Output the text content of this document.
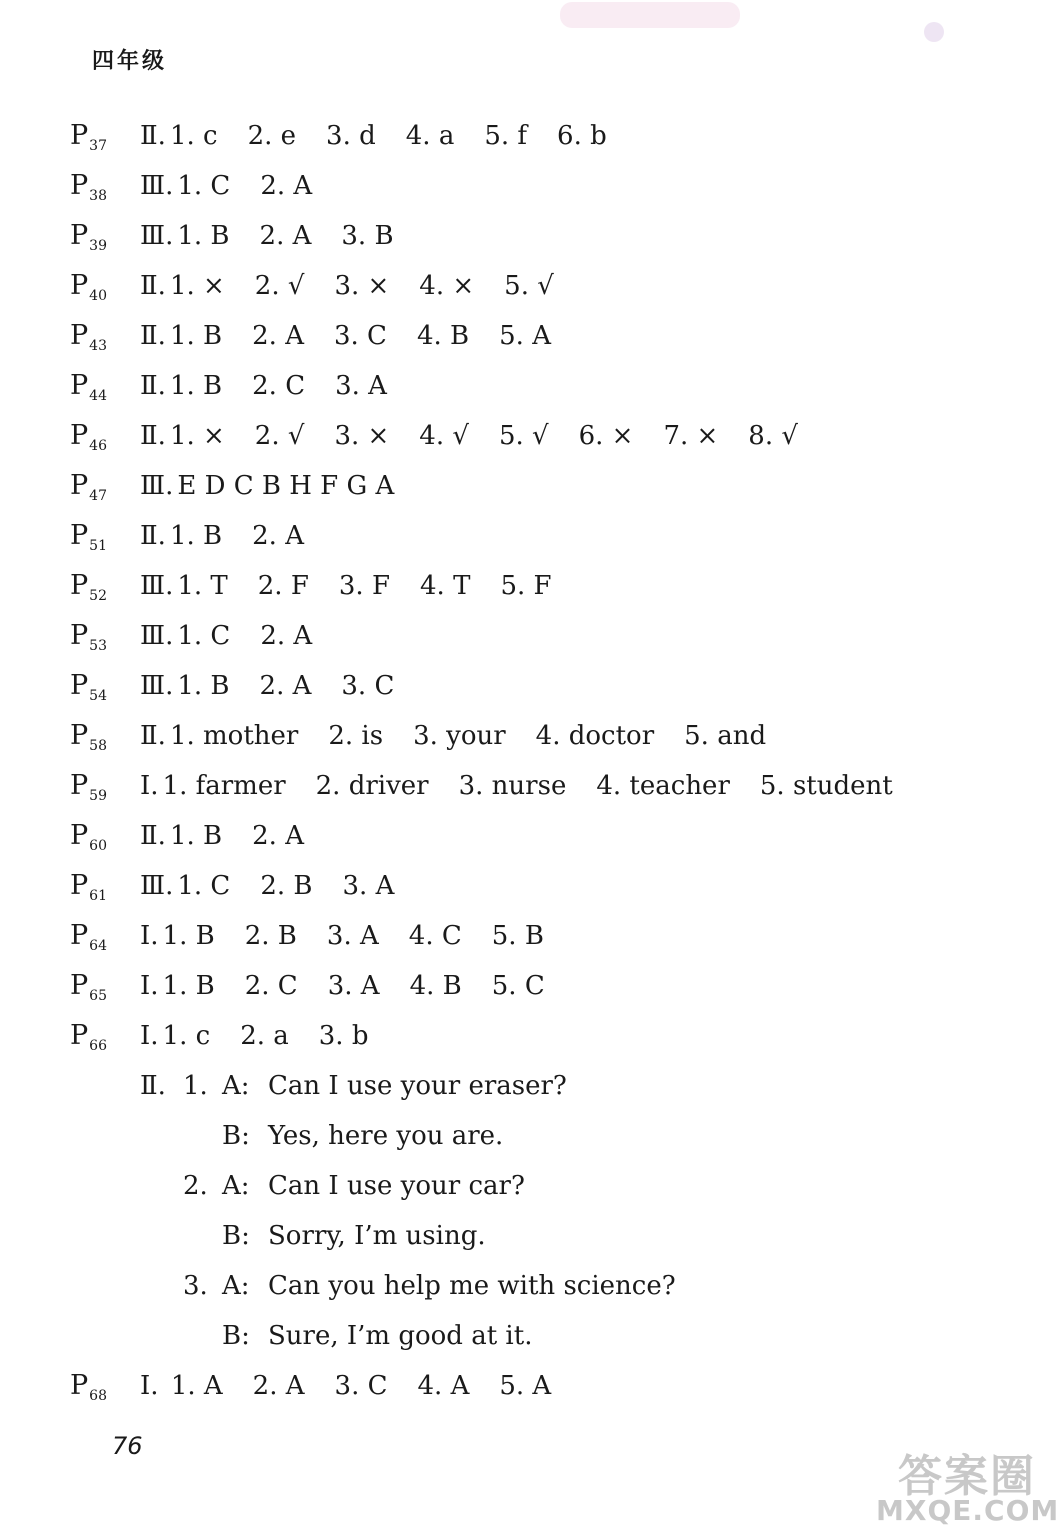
四年级
$P_{37}$	Ⅱ. 1. c 2. e 3. d 4. a 5. f 6. b
$P_{38}$	Ⅲ. 1. C 2. A
$P_{39}$	Ⅲ. 1. B 2. A 3. B
$P_{40}$	Ⅱ. 1. × 2. √ 3. × 4. × 5. √
$P_{43}$	Ⅱ. 1. B 2. A 3. C 4. B 5. A
$P_{44}$	Ⅱ. 1. B 2. C 3. A
$P_{46}$	Ⅱ. 1. × 2. √ 3. × 4. √ 5. √ 6. × 7. × 8. √
$P_{47}$	Ⅲ. E D C B H F G A
$P_{51}$	Ⅱ. 1. B 2. A
$P_{52}$	Ⅲ. 1. T 2. F 3. F 4. T 5. F
$P_{53}$	Ⅲ. 1. C 2. A
$P_{54}$	Ⅲ. 1. B 2. A 3. C
$P_{58}$	Ⅱ. 1. mother 2. is 3. your 4. doctor 5. and
$P_{59}$	Ⅰ. 1. farmer 2. driver 3. nurse 4. teacher 5. student
$P_{60}$	Ⅱ. 1. B 2. A
$P_{61}$	Ⅲ. 1. C 2. B 3. A
$P_{64}$	Ⅰ. 1. B 2. B 3. A 4. C 5. B
$P_{65}$	Ⅰ. 1. B 2. C 3. A 4. B 5. C
$P_{66}$	Ⅰ. 1. c 2. a 3. b
Ⅱ. 1. A: Can I use your eraser?
B: Yes, here you are.
2. A: Can I use your car?
B: Sorry, I’m using.
3. A: Can you help me with science?
B: Sure, I’m good at it.
$P_{68}$	Ⅰ. 1. A 2. A 3. C 4. A 5. A
76
答案圈
MXQE.COM
